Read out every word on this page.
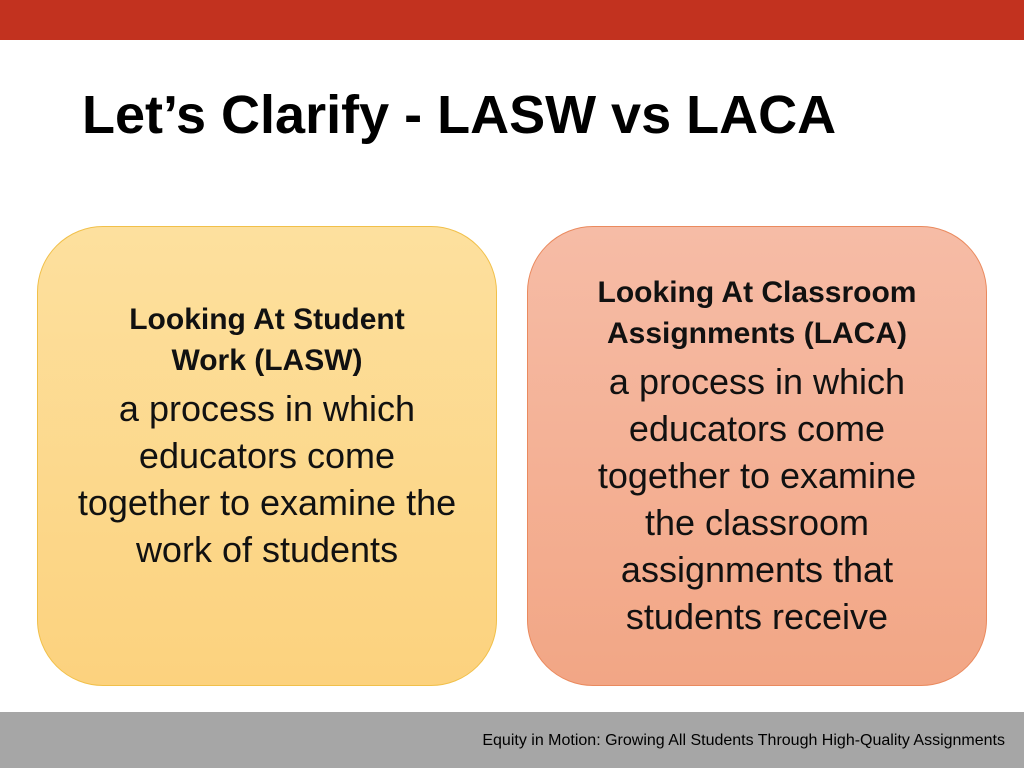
Let’s Clarify - LASW vs LACA

Looking At Student Work (LASW)

a process in which educators come together to examine the work of students

Looking At Classroom Assignments (LACA)

a process in which educators come together to examine the classroom assignments that students receive

Equity in Motion: Growing All Students Through High-Quality Assignments
